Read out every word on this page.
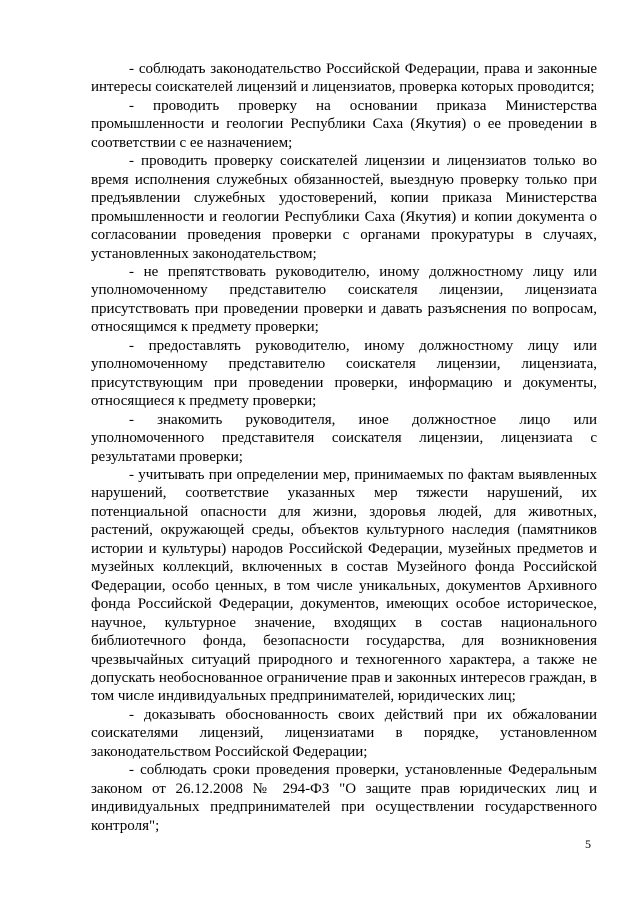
- соблюдать законодательство Российской Федерации, права и законные интересы соискателей лицензий и лицензиатов, проверка которых проводится;

- проводить проверку на основании приказа Министерства промышленности и геологии Республики Саха (Якутия) о ее проведении в соответствии с ее назначением;

- проводить проверку соискателей лицензии и лицензиатов только во время исполнения служебных обязанностей, выездную проверку только при предъявлении служебных удостоверений, копии приказа Министерства промышленности и геологии Республики Саха (Якутия) и копии документа о согласовании проведения проверки с органами прокуратуры в случаях, установленных законодательством;

- не препятствовать руководителю, иному должностному лицу или уполномоченному представителю соискателя лицензии, лицензиата присутствовать при проведении проверки и давать разъяснения по вопросам, относящимся к предмету проверки;

- предоставлять руководителю, иному должностному лицу или уполномоченному представителю соискателя лицензии, лицензиата, присутствующим при проведении проверки, информацию и документы, относящиеся к предмету проверки;

- знакомить руководителя, иное должностное лицо или уполномоченного представителя соискателя лицензии, лицензиата с результатами проверки;

- учитывать при определении мер, принимаемых по фактам выявленных нарушений, соответствие указанных мер тяжести нарушений, их потенциальной опасности для жизни, здоровья людей, для животных, растений, окружающей среды, объектов культурного наследия (памятников истории и культуры) народов Российской Федерации, музейных предметов и музейных коллекций, включенных в состав Музейного фонда Российской Федерации, особо ценных, в том числе уникальных, документов Архивного фонда Российской Федерации, документов, имеющих особое историческое, научное, культурное значение, входящих в состав национального библиотечного фонда, безопасности государства, для возникновения чрезвычайных ситуаций природного и техногенного характера, а также не допускать необоснованное ограничение прав и законных интересов граждан, в том числе индивидуальных предпринимателей, юридических лиц;

- доказывать обоснованность своих действий при их обжаловании соискателями лицензий, лицензиатами в порядке, установленном законодательством Российской Федерации;

- соблюдать сроки проведения проверки, установленные Федеральным законом от 26.12.2008 № 294-ФЗ "О защите прав юридических лиц и индивидуальных предпринимателей при осуществлении государственного контроля";

5
